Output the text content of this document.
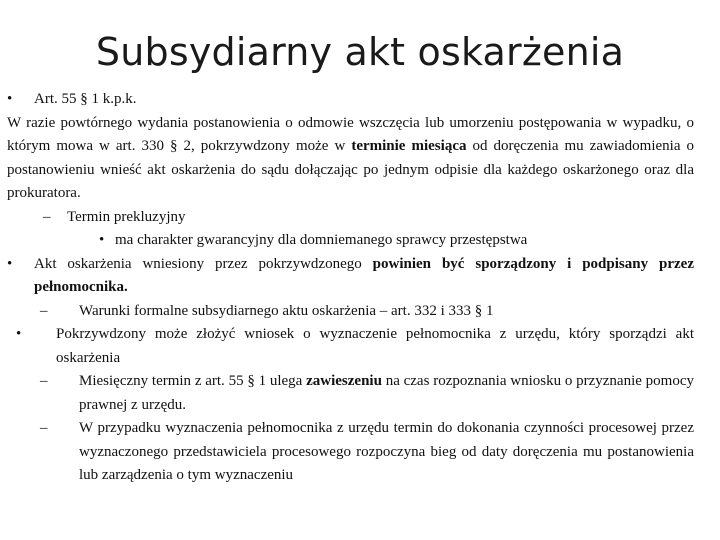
Subsydiarny akt oskarżenia
• Art. 55 § 1 k.p.k.
W razie powtórnego wydania postanowienia o odmowie wszczęcia lub umorzeniu postępowania w wypadku, o którym mowa w art. 330 § 2, pokrzywdzony może w terminie miesiąca od doręczenia mu zawiadomienia o postanowieniu wnieść akt oskarżenia do sądu dołączając po jednym odpisie dla każdego oskarżonego oraz dla prokuratora.
– Termin prekluzyjny
• ma charakter gwarancyjny dla domniemanego sprawcy przestępstwa
• Akt oskarżenia wniesiony przez pokrzywdzonego powinien być sporządzony i podpisany przez pełnomocnika.
– Warunki formalne subsydiarnego aktu oskarżenia – art. 332 i 333 § 1
• Pokrzywdzony może złożyć wniosek o wyznaczenie pełnomocnika z urzędu, który sporządzi akt oskarżenia
– Miesięczny termin z art. 55 § 1 ulega zawieszeniu na czas rozpoznania wniosku o przyznanie pomocy prawnej z urzędu.
– W przypadku wyznaczenia pełnomocnika z urzędu termin do dokonania czynności procesowej przez wyznaczonego przedstawiciela procesowego rozpoczyna bieg od daty doręczenia mu postanowienia lub zarządzenia o tym wyznaczeniu
